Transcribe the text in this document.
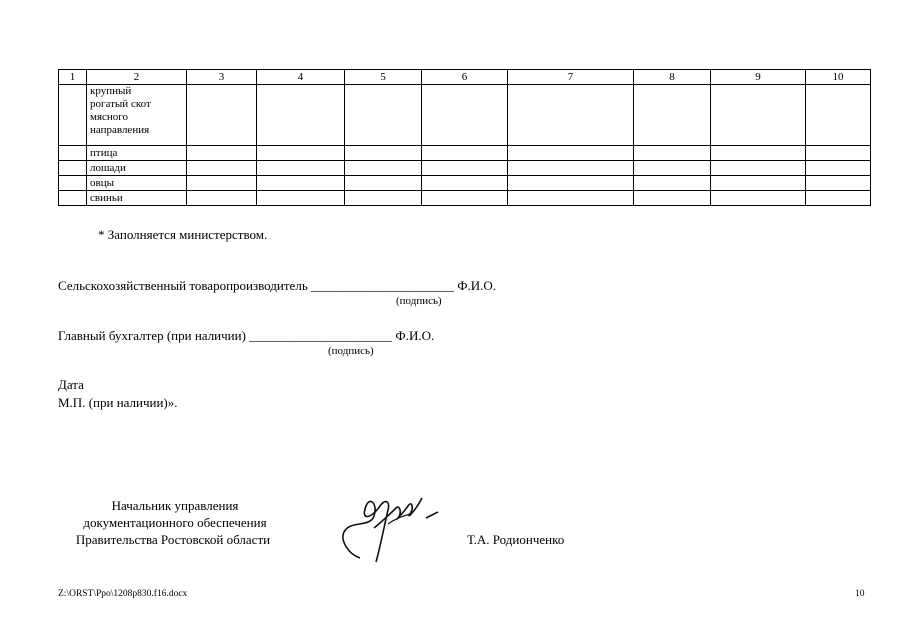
1	2	3	4	5	6	7	8	9	10

	крупный
рогатый скот
мясного
направления								

	птица								
	лошади								
	овцы								
	свиньи								
* Заполняется министерством.
Сельскохозяйственный товаропроизводитель ______________________ Ф.И.О.
(подпись)
Главный бухгалтер (при наличии) ______________________ Ф.И.О.
(подпись)
Дата
М.П. (при наличии)».
Начальник управления
документационного обеспечения
Правительства Ростовской области	Т.А. Родионченко
Z:\ORST\Ppo\1208p830.f16.docx	10
